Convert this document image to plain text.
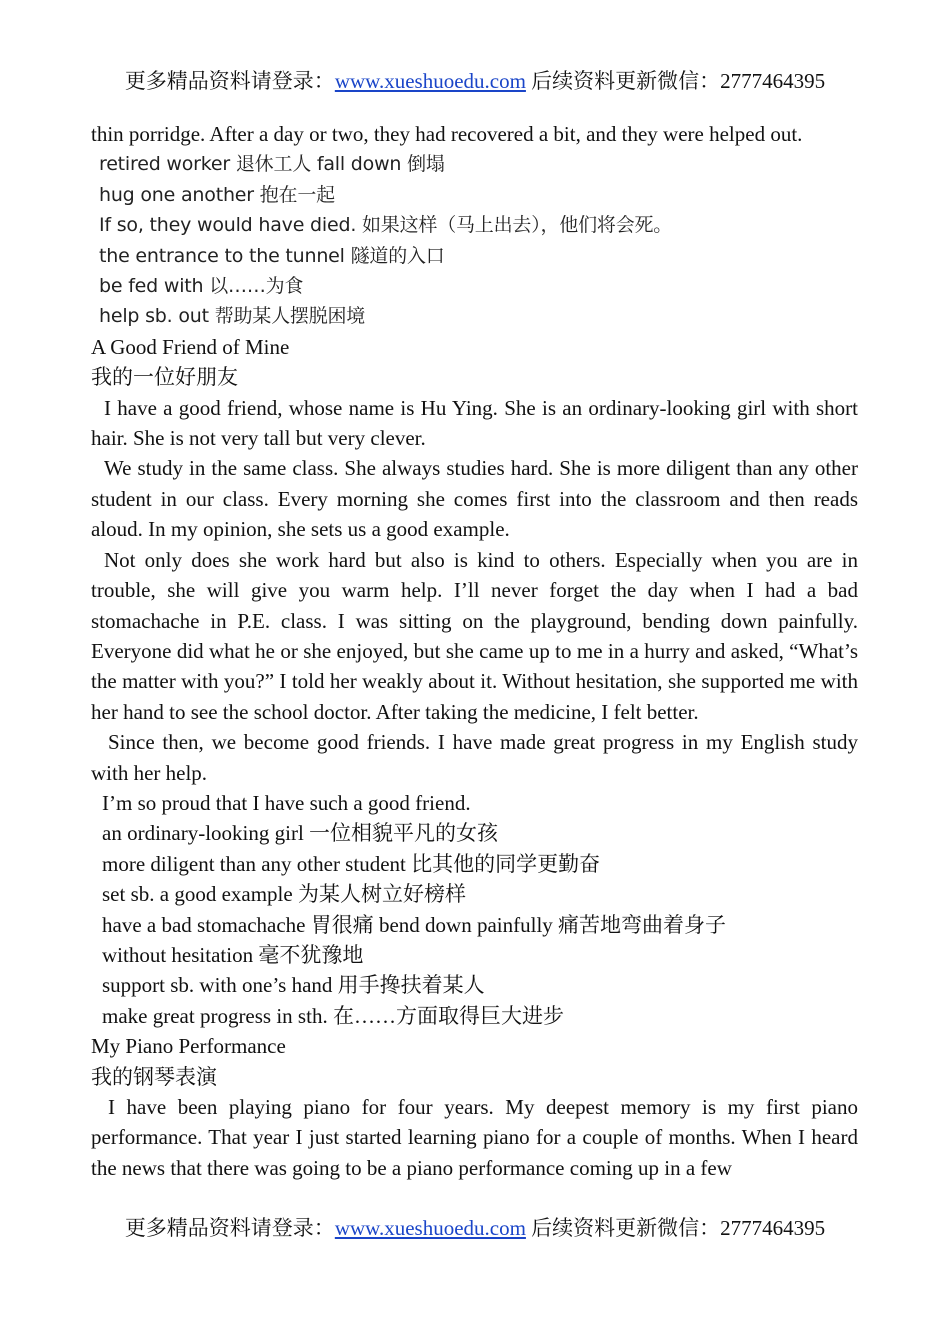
更多精品资料请登录：www.xueshuoedu.com 后续资料更新微信：2777464395
thin porridge. After a day or two, they had recovered a bit, and they were helped out.
retired worker 退休工人 fall down 倒塌
hug one another 抱在一起
If so, they would have died. 如果这样（马上出去），他们将会死。
the entrance to the tunnel 隧道的入口
be fed with 以……为食
help sb. out 帮助某人摆脱困境
A Good Friend of Mine
我的一位好朋友

I have a good friend, whose name is Hu Ying. She is an ordinary-looking girl with short hair. She is not very tall but very clever.

We study in the same class. She always studies hard. She is more diligent than any other student in our class. Every morning she comes first into the classroom and then reads aloud. In my opinion, she sets us a good example.

Not only does she work hard but also is kind to others. Especially when you are in trouble, she will give you warm help. I’ll never forget the day when I had a bad stomachache in P.E. class. I was sitting on the playground, bending down painfully. Everyone did what he or she enjoyed, but she came up to me in a hurry and asked, “What’s the matter with you?” I told her weakly about it. Without hesitation, she supported me with her hand to see the school doctor. After taking the medicine, I felt better.

Since then, we become good friends. I have made great progress in my English study with her help.

I’m so proud that I have such a good friend.
an ordinary-looking girl 一位相貌平凡的女孩
more diligent than any other student 比其他的同学更勤奋
set sb. a good example 为某人树立好榜样
have a bad stomachache 胃很痛 bend down painfully 痛苦地弯曲着身子
without hesitation 毫不犹豫地
support sb. with one’s hand 用手搀扶着某人
make great progress in sth. 在……方面取得巨大进步
My Piano Performance
我的钢琴表演

I have been playing piano for four years. My deepest memory is my first piano performance. That year I just started learning piano for a couple of months. When I heard the news that there was going to be a piano performance coming up in a few

更多精品资料请登录：www.xueshuoedu.com 后续资料更新微信：2777464395
